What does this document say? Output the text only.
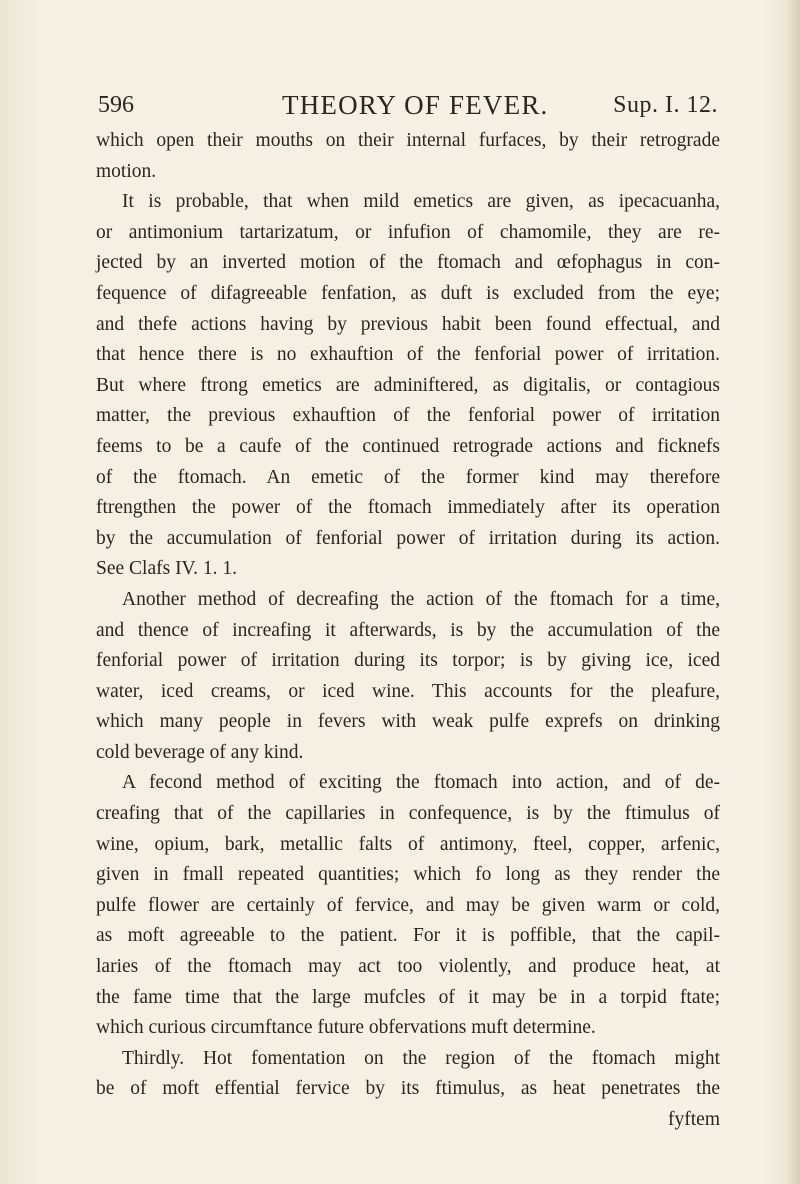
596	THEORY OF FEVER.	Sup. I. 12.
which open their mouths on their internal furfaces, by their retrograde
motion.
It is probable, that when mild emetics are given, as ipecacuanha,
or antimonium tartarizatum, or infufion of chamomile, they are re-
jected by an inverted motion of the ftomach and œfophagus in con-
fequence of difagreeable fenfation, as duft is excluded from the eye;
and thefe actions having by previous habit been found effectual, and
that hence there is no exhauftion of the fenforial power of irritation.
But where ftrong emetics are adminiftered, as digitalis, or contagious
matter, the previous exhauftion of the fenforial power of irritation
feems to be a caufe of the continued retrograde actions and ficknefs
of the ftomach. An emetic of the former kind may therefore
ftrengthen the power of the ftomach immediately after its operation
by the accumulation of fenforial power of irritation during its action.
See Clafs IV. 1. 1.
Another method of decreafing the action of the ftomach for a time,
and thence of increafing it afterwards, is by the accumulation of the
fenforial power of irritation during its torpor; is by giving ice, iced
water, iced creams, or iced wine. This accounts for the pleafure,
which many people in fevers with weak pulfe exprefs on drinking
cold beverage of any kind.
A fecond method of exciting the ftomach into action, and of de-
creafing that of the capillaries in confequence, is by the ftimulus of
wine, opium, bark, metallic falts of antimony, fteel, copper, arfenic,
given in fmall repeated quantities; which fo long as they render the
pulfe flower are certainly of fervice, and may be given warm or cold,
as moft agreeable to the patient. For it is poffible, that the capil-
laries of the ftomach may act too violently, and produce heat, at
the fame time that the large mufcles of it may be in a torpid ftate;
which curious circumftance future obfervations muft determine.
Thirdly. Hot fomentation on the region of the ftomach might
be of moft effential fervice by its ftimulus, as heat penetrates the
fyftem
